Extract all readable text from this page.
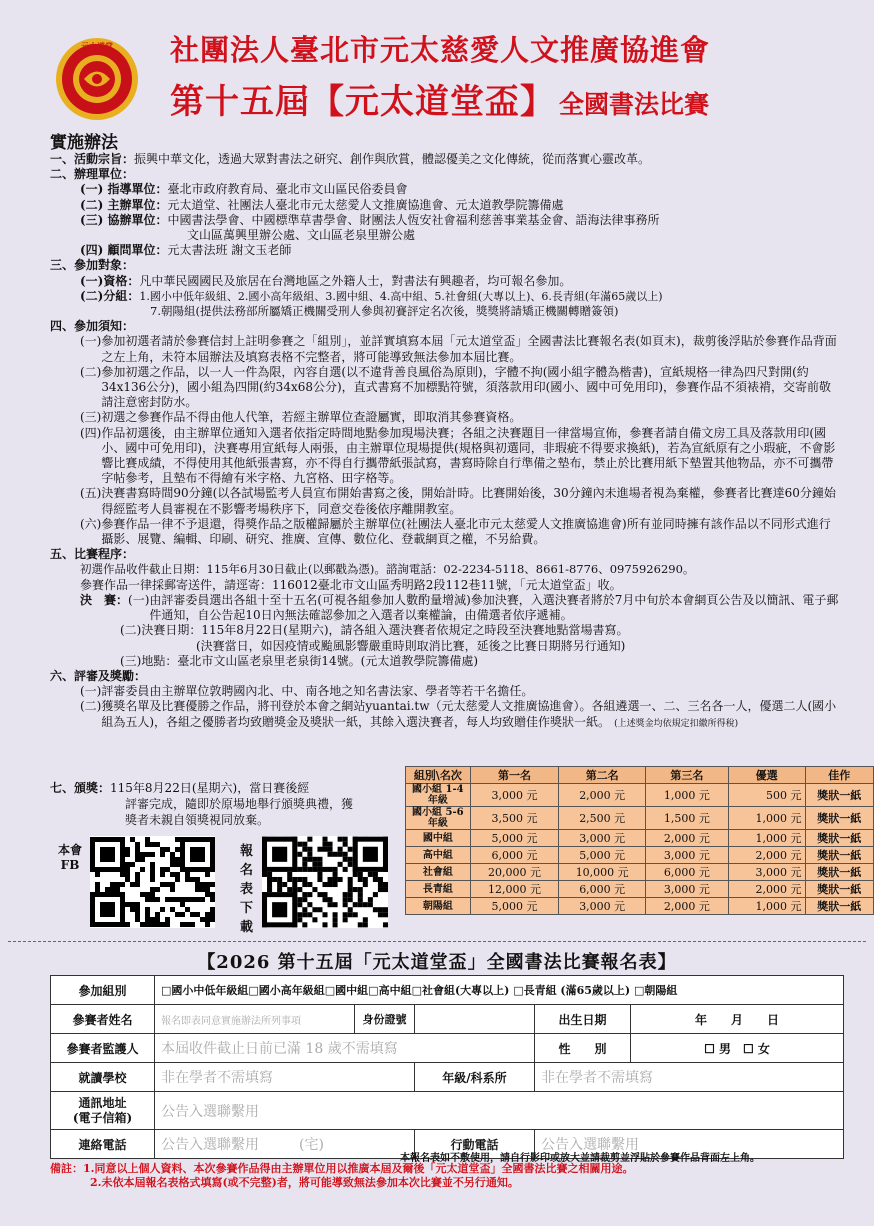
元太道堂 社團法人臺北市元太慈愛人文推廣協進會
第十五屆【元太道堂盃】 全國書法比賽
實施辦法
一、活動宗旨： 振興中華文化，透過大眾對書法之研究、創作與欣賞，體認優美之文化傳統，從而落實心靈改革。
二、辦理單位：
(一) 指導單位： 臺北市政府教育局、臺北市文山區民俗委員會
(二) 主辦單位： 元太道堂、社團法人臺北市元太慈愛人文推廣協進會、元太道教學院籌備處
(三) 協辦單位： 中國書法學會、中國標準草書學會、財團法人恆安社會福利慈善事業基金會、語海法律事務所
文山區萬興里辦公處、文山區老泉里辦公處
(四) 顧問單位： 元太書法班 謝文玉老師
三、參加對象：
(一)資格： 凡中華民國國民及旅居在台灣地區之外籍人士，對書法有興趣者，均可報名參加。
(二)分組： 1.國小中低年級組、2.國小高年級組、3.國中組、4.高中組、5.社會組(大專以上)、6.長青組(年滿65歲以上)
7.朝陽組(提供法務部所屬矯正機關受刑人參與初賽評定名次後，獎獎將請矯正機關轉贈簽領)
四、參加須知：
(一) 參加初選者請於參賽信封上註明參賽之「組別」，並詳實填寫本屆「元太道堂盃」全國書法比賽報名表(如頁末)，裁剪後浮貼於參賽作品背面之左上角，未符本屆辦法及填寫表格不完整者，將可能導致無法參加本屆比賽。
(二) 參加初選之作品，以一人一件為限，內容自選(以不違背善良風俗為原則)，字體不拘(國小組字體為楷書)，宣紙規格一律為四尺對開(約34x136公分)，國小組為四開(約34x68公分)，直式書寫不加標點符號，須落款用印(國小、國中可免用印)，參賽作品不須裱褙，交寄前敬請注意密封防水。
(三) 初選之參賽作品不得由他人代筆，若經主辦單位查證屬實，即取消其參賽資格。
(四) 作品初選後，由主辦單位通知入選者依指定時間地點參加現場決賽；各組之決賽題目一律當場宣佈，參賽者請自備文房工具及落款用印(國小、國中可免用印)，決賽專用宣紙每人兩張，由主辦單位現場提供(規格與初選同，非瑕疵不得要求換紙)，若為宣紙原有之小瑕疵，不會影響比賽成績，不得使用其他紙張書寫，亦不得自行攜帶紙張試寫，書寫時除自行準備之墊布，禁止於比賽用紙下墊置其他物品，亦不可攜帶字帖參考，且墊布不得繪有米字格、九宮格、田字格等。
(五) 決賽書寫時間90分鐘(以各試場監考人員宣布開始書寫之後，開始計時。比賽開始後，30分鐘內未進場者視為棄權，參賽者比賽達60分鐘始得經監考人員審視在不影響考場秩序下，同意交卷後依序離開教室。
(六) 參賽作品一律不予退還，得獎作品之版權歸屬於主辦單位(社團法人臺北市元太慈愛人文推廣協進會)所有並同時擁有該作品以不同形式進行攝影、展覽、編輯、印刷、研究、推廣、宣傳、數位化、登載網頁之權，不另給費。
五、比賽程序：
初選作品收件截止日期：115年6月30日截止(以郵戳為憑)。諮詢電話：02-2234-5118、8661-8776、0975926290。
參賽作品一律採郵寄送件，請逕寄：116012臺北市文山區秀明路2段112巷11號，「元太道堂盃」收。
決　賽： (一) 由評審委員選出各組十至十五名(可視各組參加人數酌量增減)參加決賽，入選決賽者將於7月中旬於本會網頁公告及以簡訊、電子郵件通知，自公告起10日內無法確認參加之入選者以棄權論，由備選者依序遞補。
(二)決賽日期：115年8月22日(星期六)，請各組入選決賽者依規定之時段至決賽地點當場書寫。
(決賽當日，如因疫情或颱風影響嚴重時則取消比賽，延後之比賽日期將另行通知)
(三)地點：臺北市文山區老泉里老泉街14號。(元太道教學院籌備處)
六、評審及獎勵：
(一)評審委員由主辦單位敦聘國內北、中、南各地之知名書法家、學者等若干名擔任。
(二) 獲獎名單及比賽優勝之作品，將刊登於本會之網站yuantai.tw（元太慈愛人文推廣協進會）。各組遴選一、二、三名各一人，優選二人(國小組為五人)，各組之優勝者均致贈獎金及獎狀一紙，其餘入選決賽者，每人均致贈佳作獎狀一紙。 (上述獎金均依規定扣繳所得稅)
七、頒獎： 115年8月22日(星期六)，當日賽後經
評審完成，隨即於原場地舉行頒獎典禮，獲
獎者未親自領獎視同放棄。
本會
FB
報名表下載
組別\名次	第一名	第二名	第三名	優選	佳作
國小組 1-4年級	3,000 元	2,000 元	1,000 元	500 元	獎狀一紙
國小組 5-6年級	3,500 元	2,500 元	1,500 元	1,000 元	獎狀一紙
國中組	5,000 元	3,000 元	2,000 元	1,000 元	獎狀一紙
高中組	6,000 元	5,000 元	3,000 元	2,000 元	獎狀一紙
社會組	20,000 元	10,000 元	6,000 元	3,000 元	獎狀一紙
長青組	12,000 元	6,000 元	3,000 元	2,000 元	獎狀一紙
朝陽組	5,000 元	3,000 元	2,000 元	1,000 元	獎狀一紙
【2026 第十五屆「元太道堂盃」全國書法比賽報名表】
參加組別	□國小中低年級組□國小高年級組□國中組□高中組□社會組(大專以上) □長青組 (滿65歲以上) □朝陽組				
參賽者姓名	報名即表同意實施辦法所列事項	身份證號		出生日期	年　　月　　日
參賽者監護人	本屆收件截止日前已滿 18 歲不需填寫			性　　別	☐ 男　☐ 女
就讀學校	非在學者不需填寫		年級/科系所	非在學者不需填寫	

通訊地址
(電子信箱)	公告入選聯繫用				
連絡電話	公告入選聯繫用 (宅)		行動電話	公告入選聯繫用	
本報名表如不敷使用，請自行影印或放大並請裁剪並浮貼於參賽作品背面左上角。
備註：1.同意以上個人資料、本次參賽作品得由主辦單位用以推廣本屆及爾後「元太道堂盃」全國書法比賽之相關用途。
2.未依本屆報名表格式填寫(或不完整)者，將可能導致無法參加本次比賽並不另行通知。
